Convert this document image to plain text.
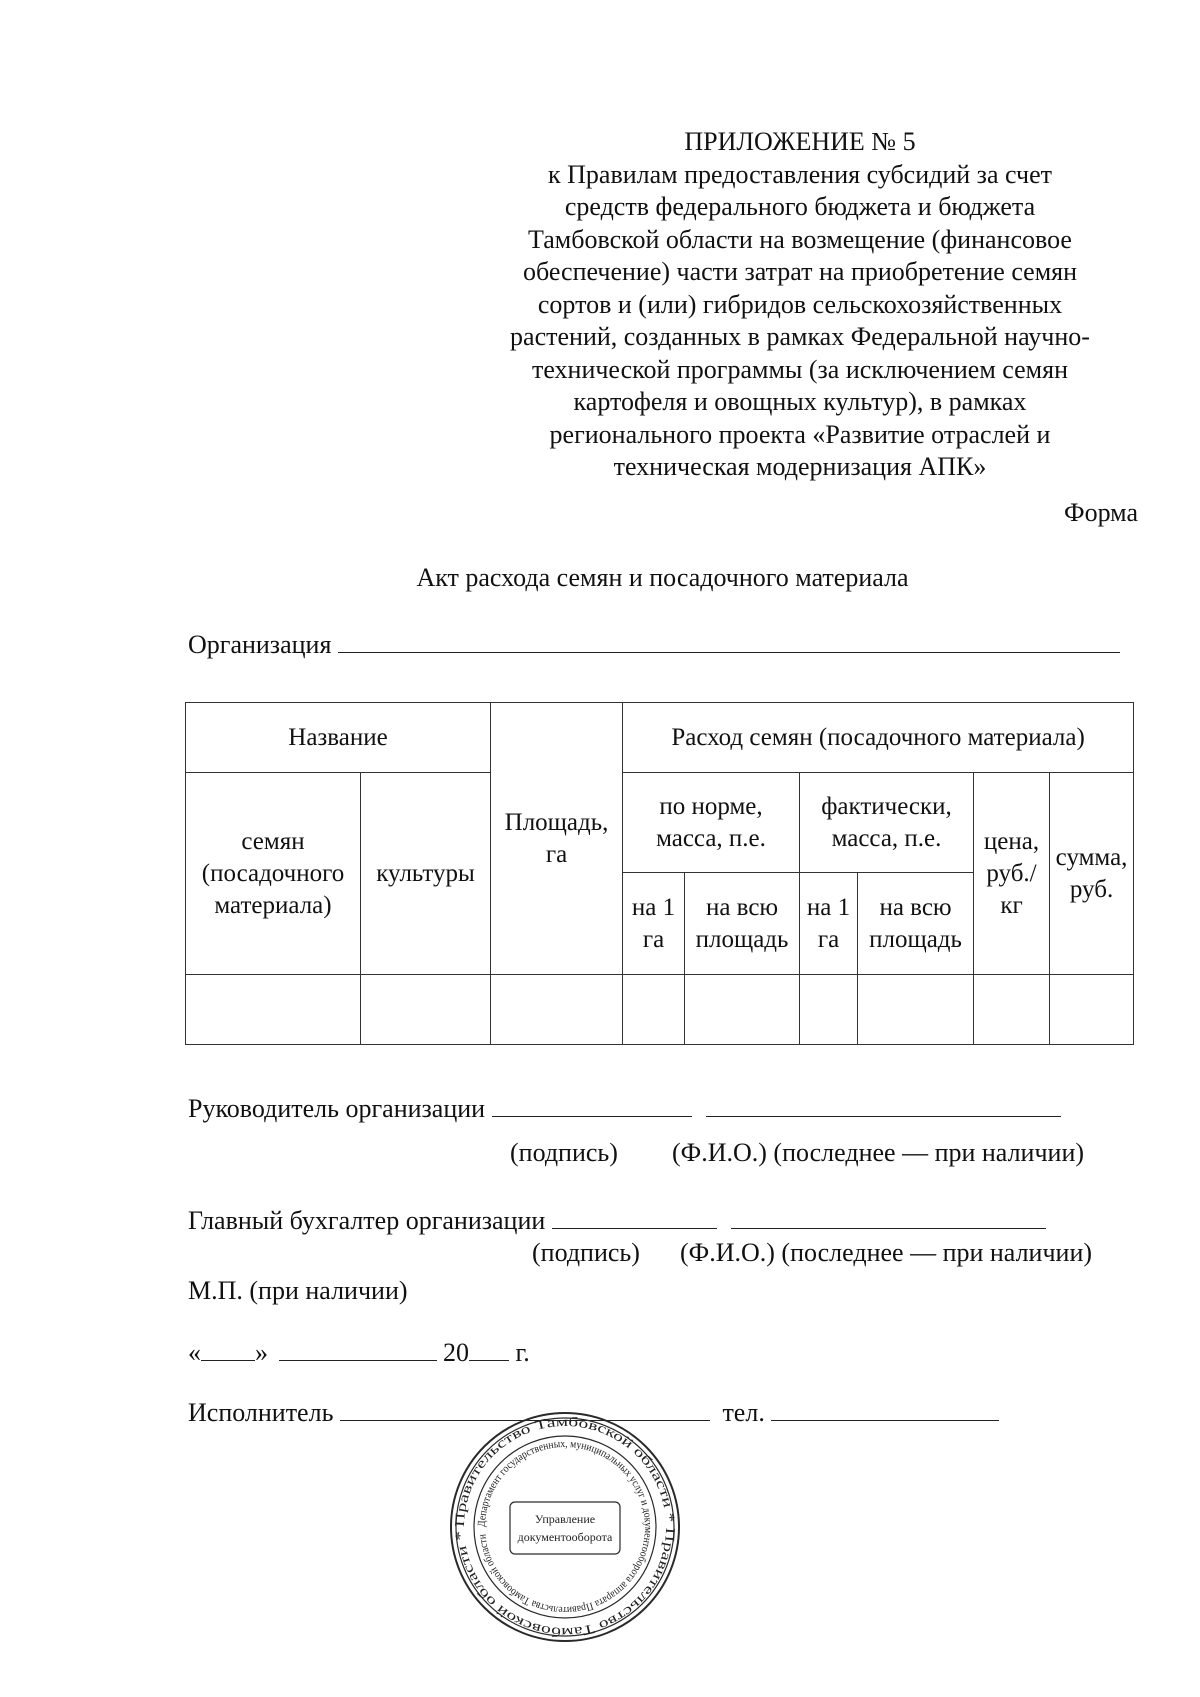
ПРИЛОЖЕНИЕ № 5
к Правилам предоставления субсидий за счет
средств федерального бюджета и бюджета
Тамбовской области на возмещение (финансовое
обеспечение) части затрат на приобретение семян
сортов и (или) гибридов сельскохозяйственных
растений, созданных в рамках Федеральной научно-
технической программы (за исключением семян
картофеля и овощных культур), в рамках
регионального проекта «Развитие отраслей и
техническая модернизация АПК»
Форма
Акт расхода семян и посадочного материала
Организация
Название		Площадь, га	Расход семян (посадочного материала)					
семян (посадочного материала)	культуры		по норме, масса, п.е.		фактически, масса, п.е.		цена, руб./ кг	сумма, руб.
			на 1 га	на всю площадь	на 1 га	на всю площадь		

Руководитель организации
(подпись) (Ф.И.О.) (последнее — при наличии)
Главный бухгалтер организации
(подпись) (Ф.И.О.) (последнее — при наличии)
М.П. (при наличии)
« »	20 г.
Исполнитель	тел.
Правительство Тамбовской области * Правительство Тамбовской области *
Департамент государственных, муниципальных услуг и документооборота аппарата Правительства Тамбовской области
Управление
документооборота
